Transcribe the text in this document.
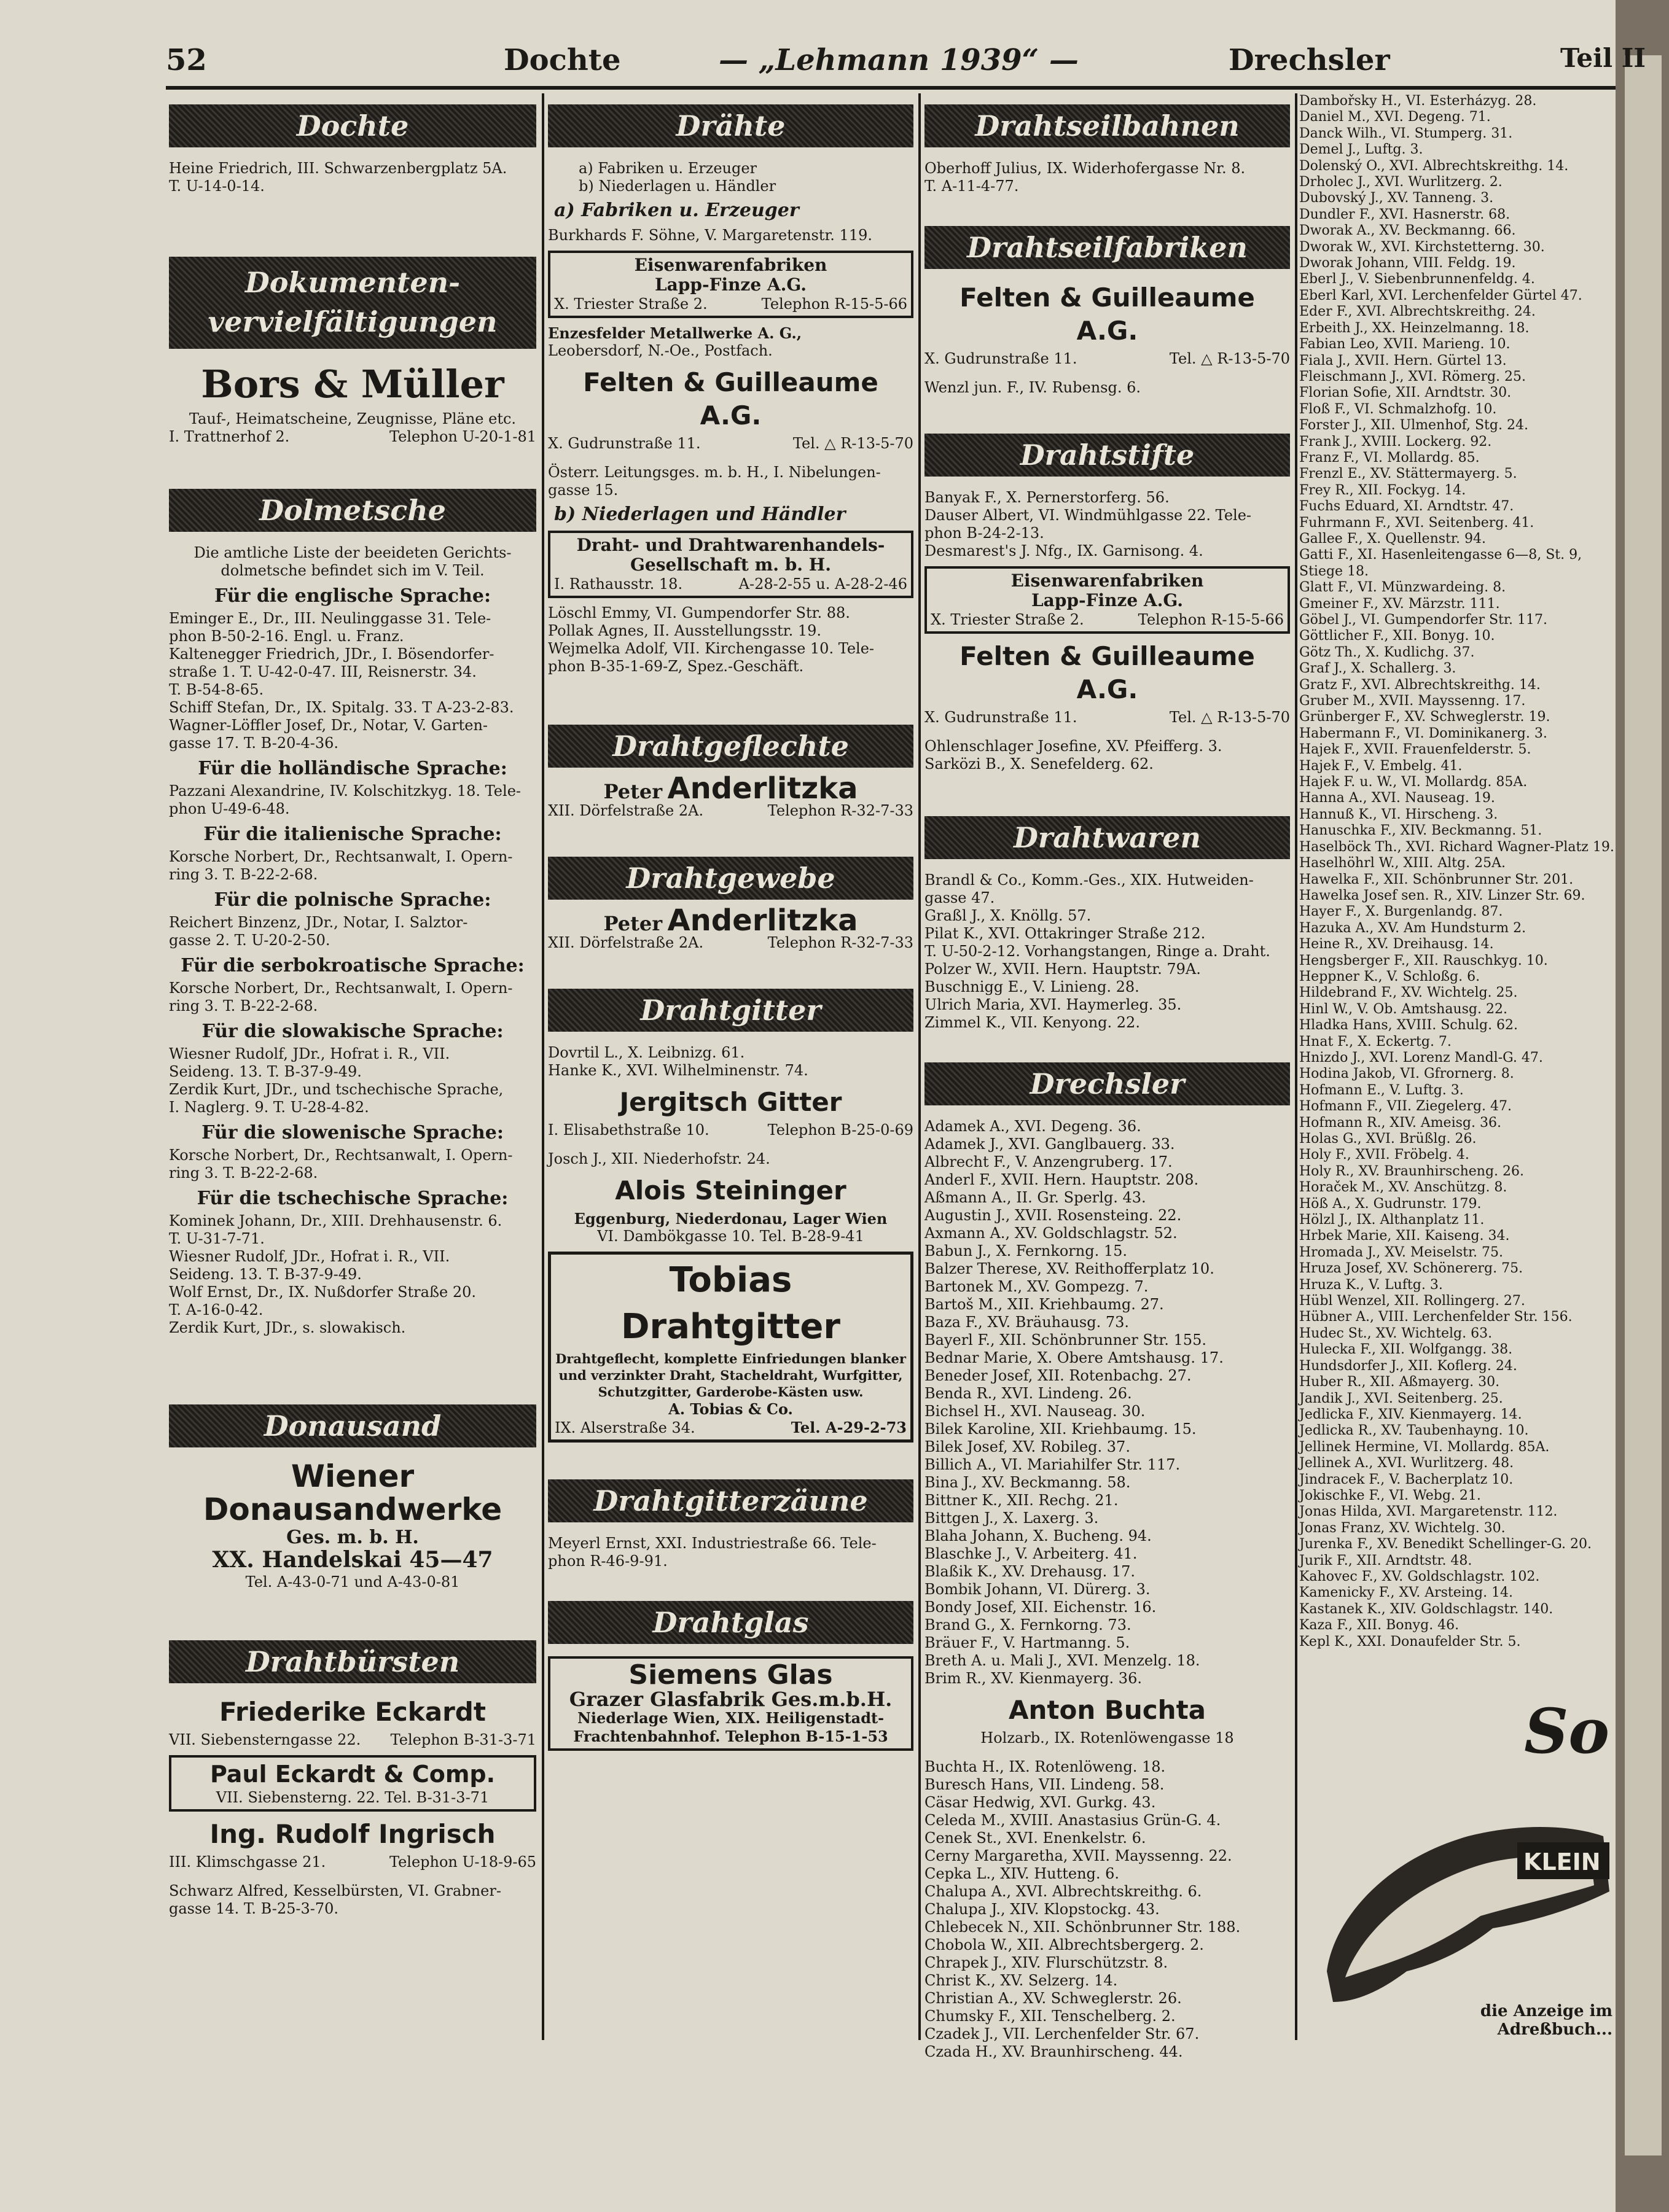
52	Dochte	— „Lehmann 1939“ —	Drechsler	Teil II
Dochte

Heine Friedrich, III. Schwarzenbergplatz 5A.

T. U-14-0-14.

Dokumenten-
vervielfältigungen
Bors & Müller

Tauf-, Heimatscheine, Zeugnisse, Pläne etc.

I. Trattnerhof 2.	Telephon U-20-1-81
Dolmetsche

Die amtliche Liste der beeideten Gerichts-

dolmetsche befindet sich im V. Teil.

Für die englische Sprache:

Eminger E., Dr., III. Neulinggasse 31. Tele-

phon B-50-2-16. Engl. u. Franz.

Kaltenegger Friedrich, JDr., I. Bösendorfer-

straße 1. T. U-42-0-47. III, Reisnerstr. 34.

T. B-54-8-65.

Schiff Stefan, Dr., IX. Spitalg. 33. T A-23-2-83.

Wagner-Löffler Josef, Dr., Notar, V. Garten-

gasse 17. T. B-20-4-36.

Für die holländische Sprache:

Pazzani Alexandrine, IV. Kolschitzkyg. 18. Tele-

phon U-49-6-48.

Für die italienische Sprache:

Korsche Norbert, Dr., Rechtsanwalt, I. Opern-

ring 3. T. B-22-2-68.

Für die polnische Sprache:

Reichert Binzenz, JDr., Notar, I. Salztor-

gasse 2. T. U-20-2-50.

Für die serbokroatische Sprache:

Korsche Norbert, Dr., Rechtsanwalt, I. Opern-

ring 3. T. B-22-2-68.

Für die slowakische Sprache:

Wiesner Rudolf, JDr., Hofrat i. R., VII.

Seideng. 13. T. B-37-9-49.

Zerdik Kurt, JDr., und tschechische Sprache,

I. Naglerg. 9. T. U-28-4-82.

Für die slowenische Sprache:

Korsche Norbert, Dr., Rechtsanwalt, I. Opern-

ring 3. T. B-22-2-68.

Für die tschechische Sprache:

Kominek Johann, Dr., XIII. Drehhausenstr. 6.

T. U-31-7-71.

Wiesner Rudolf, JDr., Hofrat i. R., VII.

Seideng. 13. T. B-37-9-49.

Wolf Ernst, Dr., IX. Nußdorfer Straße 20.

T. A-16-0-42.

Zerdik Kurt, JDr., s. slowakisch.

Donausand
Wiener Donausandwerke

Ges. m. b. H.

XX. Handelskai 45—47

Tel. A-43-0-71 und A-43-0-81

Drahtbürsten
Friederike Eckardt
VII. Siebensterngasse 22. Telephon B-31-3-71
Paul Eckardt & Comp.
VII. Siebensterng. 22. Tel. B-31-3-71
Ing. Rudolf Ingrisch
III. Klimschgasse 21.	Telephon U-18-9-65

Schwarz Alfred, Kesselbürsten, VI. Grabner-

gasse 14. T. B-25-3-70.

Drähte

a) Fabriken u. Erzeuger

b) Niederlagen u. Händler

a) Fabriken u. Erzeuger

Burkhards F. Söhne, V. Margaretenstr. 119.

Eisenwarenfabriken
Lapp-Finze A.G.
X. Triester Straße 2.	Telephon R-15-5-66

Enzesfelder Metallwerke A. G.,

Leobersdorf, N.-Oe., Postfach.

Felten & Guilleaume A.G.
X. Gudrunstraße 11.	Tel. △ R-13-5-70

Österr. Leitungsges. m. b. H., I. Nibelungen-

gasse 15.

b) Niederlagen und Händler
Draht- und Drahtwarenhandels-
Gesellschaft m. b. H.
I. Rathausstr. 18.	A-28-2-55 u. A-28-2-46

Löschl Emmy, VI. Gumpendorfer Str. 88.

Pollak Agnes, II. Ausstellungsstr. 19.

Wejmelka Adolf, VII. Kirchengasse 10. Tele-

phon B-35-1-69-Z, Spez.-Geschäft.

Drahtgeflechte
Peter Anderlitzka
XII. Dörfelstraße 2A.	Telephon R-32-7-33
Drahtgewebe
Peter Anderlitzka
XII. Dörfelstraße 2A.	Telephon R-32-7-33
Drahtgitter

Dovrtil L., X. Leibnizg. 61.

Hanke K., XVI. Wilhelminenstr. 74.

Jergitsch Gitter
I. Elisabethstraße 10.	Telephon B-25-0-69

Josch J., XII. Niederhofstr. 24.

Alois Steininger

Eggenburg, Niederdonau, Lager Wien

VI. Dambökgasse 10. Tel. B-28-9-41

Tobias Drahtgitter
Drahtgeflecht, komplette Einfriedungen blanker
und verzinkter Draht, Stacheldraht, Wurfgitter,
Schutzgitter, Garderobe-Kästen usw.
A. Tobias & Co.
IX. Alserstraße 34.	Tel. A-29-2-73
Drahtgitterzäune

Meyerl Ernst, XXI. Industriestraße 66. Tele-

phon R-46-9-91.

Drahtglas
Siemens Glas
Grazer Glasfabrik Ges.m.b.H.
Niederlage Wien, XIX. Heiligenstadt-
Frachtenbahnhof. Telephon B-15-1-53
Drahtseilbahnen

Oberhoff Julius, IX. Widerhofergasse Nr. 8.

T. A-11-4-77.

Drahtseilfabriken
Felten & Guilleaume A.G.
X. Gudrunstraße 11.	Tel. △ R-13-5-70

Wenzl jun. F., IV. Rubensg. 6.

Drahtstifte

Banyak F., X. Pernerstorferg. 56.

Dauser Albert, VI. Windmühlgasse 22. Tele-

phon B-24-2-13.

Desmarest's J. Nfg., IX. Garnisong. 4.

Eisenwarenfabriken
Lapp-Finze A.G.
X. Triester Straße 2.	Telephon R-15-5-66
Felten & Guilleaume A.G.
X. Gudrunstraße 11.	Tel. △ R-13-5-70

Ohlenschlager Josefine, XV. Pfeifferg. 3.

Sarközi B., X. Senefelderg. 62.

Drahtwaren

Brandl & Co., Komm.-Ges., XIX. Hutweiden-

gasse 47.

Graßl J., X. Knöllg. 57.

Pilat K., XVI. Ottakringer Straße 212.

T. U-50-2-12. Vorhangstangen, Ringe a. Draht.

Polzer W., XVII. Hern. Hauptstr. 79A.

Buschnigg E., V. Linieng. 28.

Ulrich Maria, XVI. Haymerleg. 35.

Zimmel K., VII. Kenyong. 22.

Drechsler

Adamek A., XVI. Degeng. 36.

Adamek J., XVI. Ganglbauerg. 33.

Albrecht F., V. Anzengruberg. 17.

Anderl F., XVII. Hern. Hauptstr. 208.

Aßmann A., II. Gr. Sperlg. 43.

Augustin J., XVII. Rosensteing. 22.

Axmann A., XV. Goldschlagstr. 52.

Babun J., X. Fernkorng. 15.

Balzer Therese, XV. Reithofferplatz 10.

Bartonek M., XV. Gompezg. 7.

Bartoš M., XII. Kriehbaumg. 27.

Baza F., XV. Bräuhausg. 73.

Bayerl F., XII. Schönbrunner Str. 155.

Bednar Marie, X. Obere Amtshausg. 17.

Beneder Josef, XII. Rotenbachg. 27.

Benda R., XVI. Lindeng. 26.

Bichsel H., XVI. Nauseag. 30.

Bilek Karoline, XII. Kriehbaumg. 15.

Bilek Josef, XV. Robileg. 37.

Billich A., VI. Mariahilfer Str. 117.

Bina J., XV. Beckmanng. 58.

Bittner K., XII. Rechg. 21.

Bittgen J., X. Laxerg. 3.

Blaha Johann, X. Bucheng. 94.

Blaschke J., V. Arbeiterg. 41.

Blaßik K., XV. Drehausg. 17.

Bombik Johann, VI. Dürerg. 3.

Bondy Josef, XII. Eichenstr. 16.

Brand G., X. Fernkorng. 73.

Bräuer F., V. Hartmanng. 5.

Breth A. u. Mali J., XVI. Menzelg. 18.

Brim R., XV. Kienmayerg. 36.

Anton Buchta

Holzarb., IX. Rotenlöwengasse 18

Buchta H., IX. Rotenlöweng. 18.

Buresch Hans, VII. Lindeng. 58.

Cäsar Hedwig, XVI. Gurkg. 43.

Celeda M., XVIII. Anastasius Grün-G. 4.

Cenek St., XVI. Enenkelstr. 6.

Cerny Margaretha, XVII. Mayssenng. 22.

Cepka L., XIV. Hutteng. 6.

Chalupa A., XVI. Albrechtskreithg. 6.

Chalupa J., XIV. Klopstockg. 43.

Chlebecek N., XII. Schönbrunner Str. 188.

Chobola W., XII. Albrechtsbergerg. 2.

Chrapek J., XIV. Flurschützstr. 8.

Christ K., XV. Selzerg. 14.

Christian A., XV. Schweglerstr. 26.

Chumsky F., XII. Tenschelberg. 2.

Czadek J., VII. Lerchenfelder Str. 67.

Czada H., XV. Braunhirscheng. 44.

Dambořsky H., VI. Esterházyg. 28.

Daniel M., XVI. Degeng. 71.

Danck Wilh., VI. Stumperg. 31.

Demel J., Luftg. 3.

Dolenský O., XVI. Albrechtskreithg. 14.

Drholec J., XVI. Wurlitzerg. 2.

Dubovský J., XV. Tanneng. 3.

Dundler F., XVI. Hasnerstr. 68.

Dworak A., XV. Beckmanng. 66.

Dworak W., XVI. Kirchstetterng. 30.

Dworak Johann, VIII. Feldg. 19.

Eberl J., V. Siebenbrunnenfeldg. 4.

Eberl Karl, XVI. Lerchenfelder Gürtel 47.

Eder F., XVI. Albrechtskreithg. 24.

Erbeith J., XX. Heinzelmanng. 18.

Fabian Leo, XVII. Marieng. 10.

Fiala J., XVII. Hern. Gürtel 13.

Fleischmann J., XVI. Römerg. 25.

Florian Sofie, XII. Arndtstr. 30.

Floß F., VI. Schmalzhofg. 10.

Forster J., XII. Ulmenhof, Stg. 24.

Frank J., XVIII. Lockerg. 92.

Franz F., VI. Mollardg. 85.

Frenzl E., XV. Stättermayerg. 5.

Frey R., XII. Fockyg. 14.

Fuchs Eduard, XI. Arndtstr. 47.

Fuhrmann F., XVI. Seitenberg. 41.

Gallee F., X. Quellenstr. 94.

Gatti F., XI. Hasenleitengasse 6—8, St. 9,

Stiege 18.

Glatt F., VI. Münzwardeing. 8.

Gmeiner F., XV. Märzstr. 111.

Göbel J., VI. Gumpendorfer Str. 117.

Göttlicher F., XII. Bonyg. 10.

Götz Th., X. Kudlichg. 37.

Graf J., X. Schallerg. 3.

Gratz F., XVI. Albrechtskreithg. 14.

Gruber M., XVII. Mayssenng. 17.

Grünberger F., XV. Schweglerstr. 19.

Habermann F., VI. Dominikanerg. 3.

Hajek F., XVII. Frauenfelderstr. 5.

Hajek F., V. Embelg. 41.

Hajek F. u. W., VI. Mollardg. 85A.

Hanna A., XVI. Nauseag. 19.

Hannuß K., VI. Hirscheng. 3.

Hanuschka F., XIV. Beckmanng. 51.

Haselböck Th., XVI. Richard Wagner-Platz 19.

Haselhöhrl W., XIII. Altg. 25A.

Hawelka F., XII. Schönbrunner Str. 201.

Hawelka Josef sen. R., XIV. Linzer Str. 69.

Hayer F., X. Burgenlandg. 87.

Hazuka A., XV. Am Hundsturm 2.

Heine R., XV. Dreihausg. 14.

Hengsberger F., XII. Rauschkyg. 10.

Heppner K., V. Schloßg. 6.

Hildebrand F., XV. Wichtelg. 25.

Hinl W., V. Ob. Amtshausg. 22.

Hladka Hans, XVIII. Schulg. 62.

Hnat F., X. Eckertg. 7.

Hnizdo J., XVI. Lorenz Mandl-G. 47.

Hodina Jakob, VI. Gfrornerg. 8.

Hofmann E., V. Luftg. 3.

Hofmann F., VII. Ziegelerg. 47.

Hofmann R., XIV. Ameisg. 36.

Holas G., XVI. Brüßlg. 26.

Holy F., XVII. Fröbelg. 4.

Holy R., XV. Braunhirscheng. 26.

Horaček M., XV. Anschützg. 8.

Höß A., X. Gudrunstr. 179.

Hölzl J., IX. Althanplatz 11.

Hrbek Marie, XII. Kaiseng. 34.

Hromada J., XV. Meiselstr. 75.

Hruza Josef, XV. Schönererg. 75.

Hruza K., V. Luftg. 3.

Hübl Wenzel, XII. Rollingerg. 27.

Hübner A., VIII. Lerchenfelder Str. 156.

Hudec St., XV. Wichtelg. 63.

Hulecka F., XII. Wolfgangg. 38.

Hundsdorfer J., XII. Koflerg. 24.

Huber R., XII. Aßmayerg. 30.

Jandik J., XVI. Seitenberg. 25.

Jedlicka F., XIV. Kienmayerg. 14.

Jedlicka R., XV. Taubenhayng. 10.

Jellinek Hermine, VI. Mollardg. 85A.

Jellinek A., XVI. Wurlitzerg. 48.

Jindracek F., V. Bacherplatz 10.

Jokischke F., VI. Webg. 21.

Jonas Hilda, XVI. Margaretenstr. 112.

Jonas Franz, XV. Wichtelg. 30.

Jurenka F., XV. Benedikt Schellinger-G. 20.

Jurik F., XII. Arndtstr. 48.

Kahovec F., XV. Goldschlagstr. 102.

Kamenicky F., XV. Arsteing. 14.

Kastanek K., XIV. Goldschlagstr. 140.

Kaza F., XII. Bonyg. 46.

Kepl K., XXI. Donaufelder Str. 5.

So
KLEIN
die Anzeige im
Adreßbuch...
